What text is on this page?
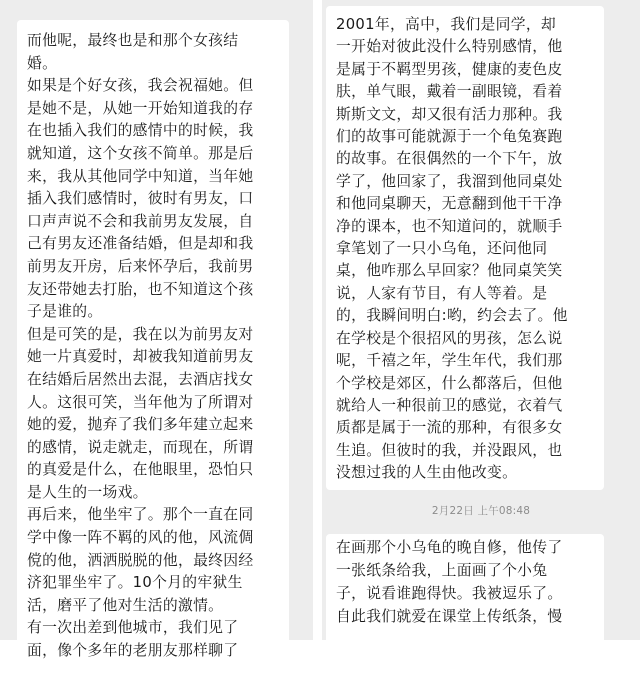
而他呢，最终也是和那个女孩结

婚。

如果是个好女孩，我会祝福她。但

是她不是，从她一开始知道我的存

在也插入我们的感情中的时候，我

就知道，这个女孩不简单。那是后

来，我从其他同学中知道，当年她

插入我们感情时，彼时有男友，口

口声声说不会和我前男友发展，自

己有男友还准备结婚，但是却和我

前男友开房，后来怀孕后，我前男

友还带她去打胎，也不知道这个孩

子是谁的。

但是可笑的是，我在以为前男友对

她一片真爱时，却被我知道前男友

在结婚后居然出去混，去酒店找女

人。这很可笑，当年他为了所谓对

她的爱，抛弃了我们多年建立起来

的感情，说走就走，而现在，所谓

的真爱是什么，在他眼里，恐怕只

是人生的一场戏。

再后来，他坐牢了。那个一直在同

学中像一阵不羁的风的他，风流倜

傥的他，洒洒脱脱的他，最终因经

济犯罪坐牢了。10个月的牢狱生

活，磨平了他对生活的激情。

有一次出差到他城市，我们见了

面，像个多年的老朋友那样聊了

2001年，高中，我们是同学，却

一开始对彼此没什么特别感情，他

是属于不羁型男孩，健康的麦色皮

肤，单气眼，戴着一副眼镜，看着

斯斯文文，却又很有活力那种。我

们的故事可能就源于一个龟兔赛跑

的故事。在很偶然的一个下午，放

学了，他回家了，我溜到他同桌处

和他同桌聊天，无意翻到他干干净

净的课本，也不知道问的，就顺手

拿笔划了一只小乌龟，还问他同

桌，他咋那么早回家？他同桌笑笑

说，人家有节目，有人等着。是

的，我瞬间明白:哟，约会去了。他

在学校是个很招风的男孩，怎么说

呢，千禧之年，学生年代，我们那

个学校是郊区，什么都落后，但他

就给人一种很前卫的感觉，衣着气

质都是属于一流的那种，有很多女

生追。但彼时的我，并没跟风，也

没想过我的人生由他改变。

2月22日 上午08:48

在画那个小乌龟的晚自修，他传了

一张纸条给我，上面画了个小兔

子，说看谁跑得快。我被逗乐了。

自此我们就爱在课堂上传纸条，慢
